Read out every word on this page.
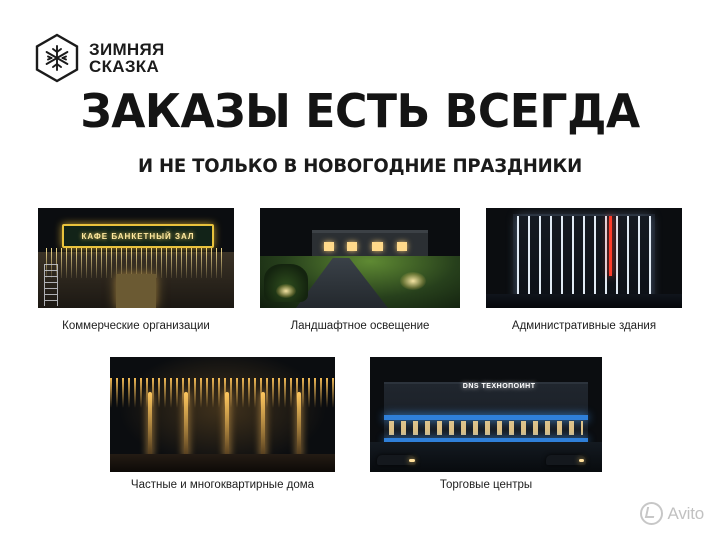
ЗИМНЯЯ
СКАЗКА
ЗАКАЗЫ ЕСТЬ ВСЕГДА
И НЕ ТОЛЬКО В НОВОГОДНИЕ ПРАЗДНИКИ
КАФЕ БАНКЕТНЫЙ ЗАЛ
Коммерческие организации	Ландшафтное освещение	Административные здания
Частные и многоквартирные дома
DNS ТЕХНОПОИНТ
Торговые центры
Avito
